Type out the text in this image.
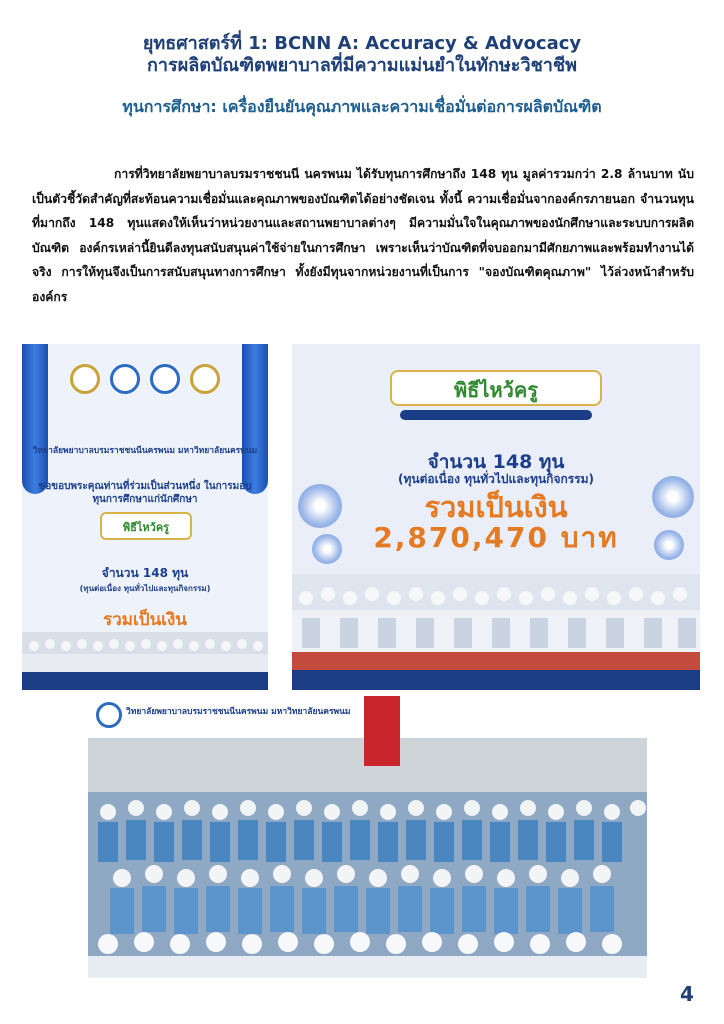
ยุทธศาสตร์ที่ 1: BCNN A: Accuracy & Advocacy
การผลิตบัณฑิตพยาบาลที่มีความแม่นยำในทักษะวิชาชีพ
ทุนการศึกษา: เครื่องยืนยันคุณภาพและความเชื่อมั่นต่อการผลิตบัณฑิต

การที่วิทยาลัยพยาบาลบรมราชชนนี นครพนม ได้รับทุนการศึกษาถึง 148 ทุน มูลค่ารวมกว่า 2.8 ล้านบาท นับเป็นตัวชี้วัดสำคัญที่สะท้อนความเชื่อมั่นและคุณภาพของบัณฑิตได้อย่างชัดเจน ทั้งนี้ ความเชื่อมั่นจากองค์กรภายนอก จำนวนทุนที่มากถึง 148 ทุนแสดงให้เห็นว่าหน่วยงานและสถานพยาบาลต่างๆ มีความมั่นใจในคุณภาพของนักศึกษาและระบบการผลิตบัณฑิต องค์กรเหล่านี้ยินดีลงทุนสนับสนุนค่าใช้จ่ายในการศึกษา เพราะเห็นว่าบัณฑิตที่จบออกมามีศักยภาพและพร้อมทำงานได้จริง การให้ทุนจึงเป็นการสนับสนุนทางการศึกษา ทั้งยังมีทุนจากหน่วยงานที่เป็นการ "จองบัณฑิตคุณภาพ" ไว้ล่วงหน้าสำหรับองค์กร

วิทยาลัยพยาบาลบรมราชชนนีนครพนม มหาวิทยาลัยนครพนม
ขอขอบพระคุณท่านที่ร่วมเป็นส่วนหนึ่ง ในการมอบทุนการศึกษาแก่นักศึกษา
พิธีไหว้ครู
จำนวน 148 ทุน
(ทุนต่อเนื่อง ทุนทั่วไปและทุนกิจกรรม)
รวมเป็นเงิน
พิธีไหว้ครู
จำนวน 148 ทุน
(ทุนต่อเนื่อง ทุนทั่วไปและทุนกิจกรรม)
รวมเป็นเงิน
2,870,470 บาท
วิทยาลัยพยาบาลบรมราชชนนีนครพนม มหาวิทยาลัยนครพนม
4
